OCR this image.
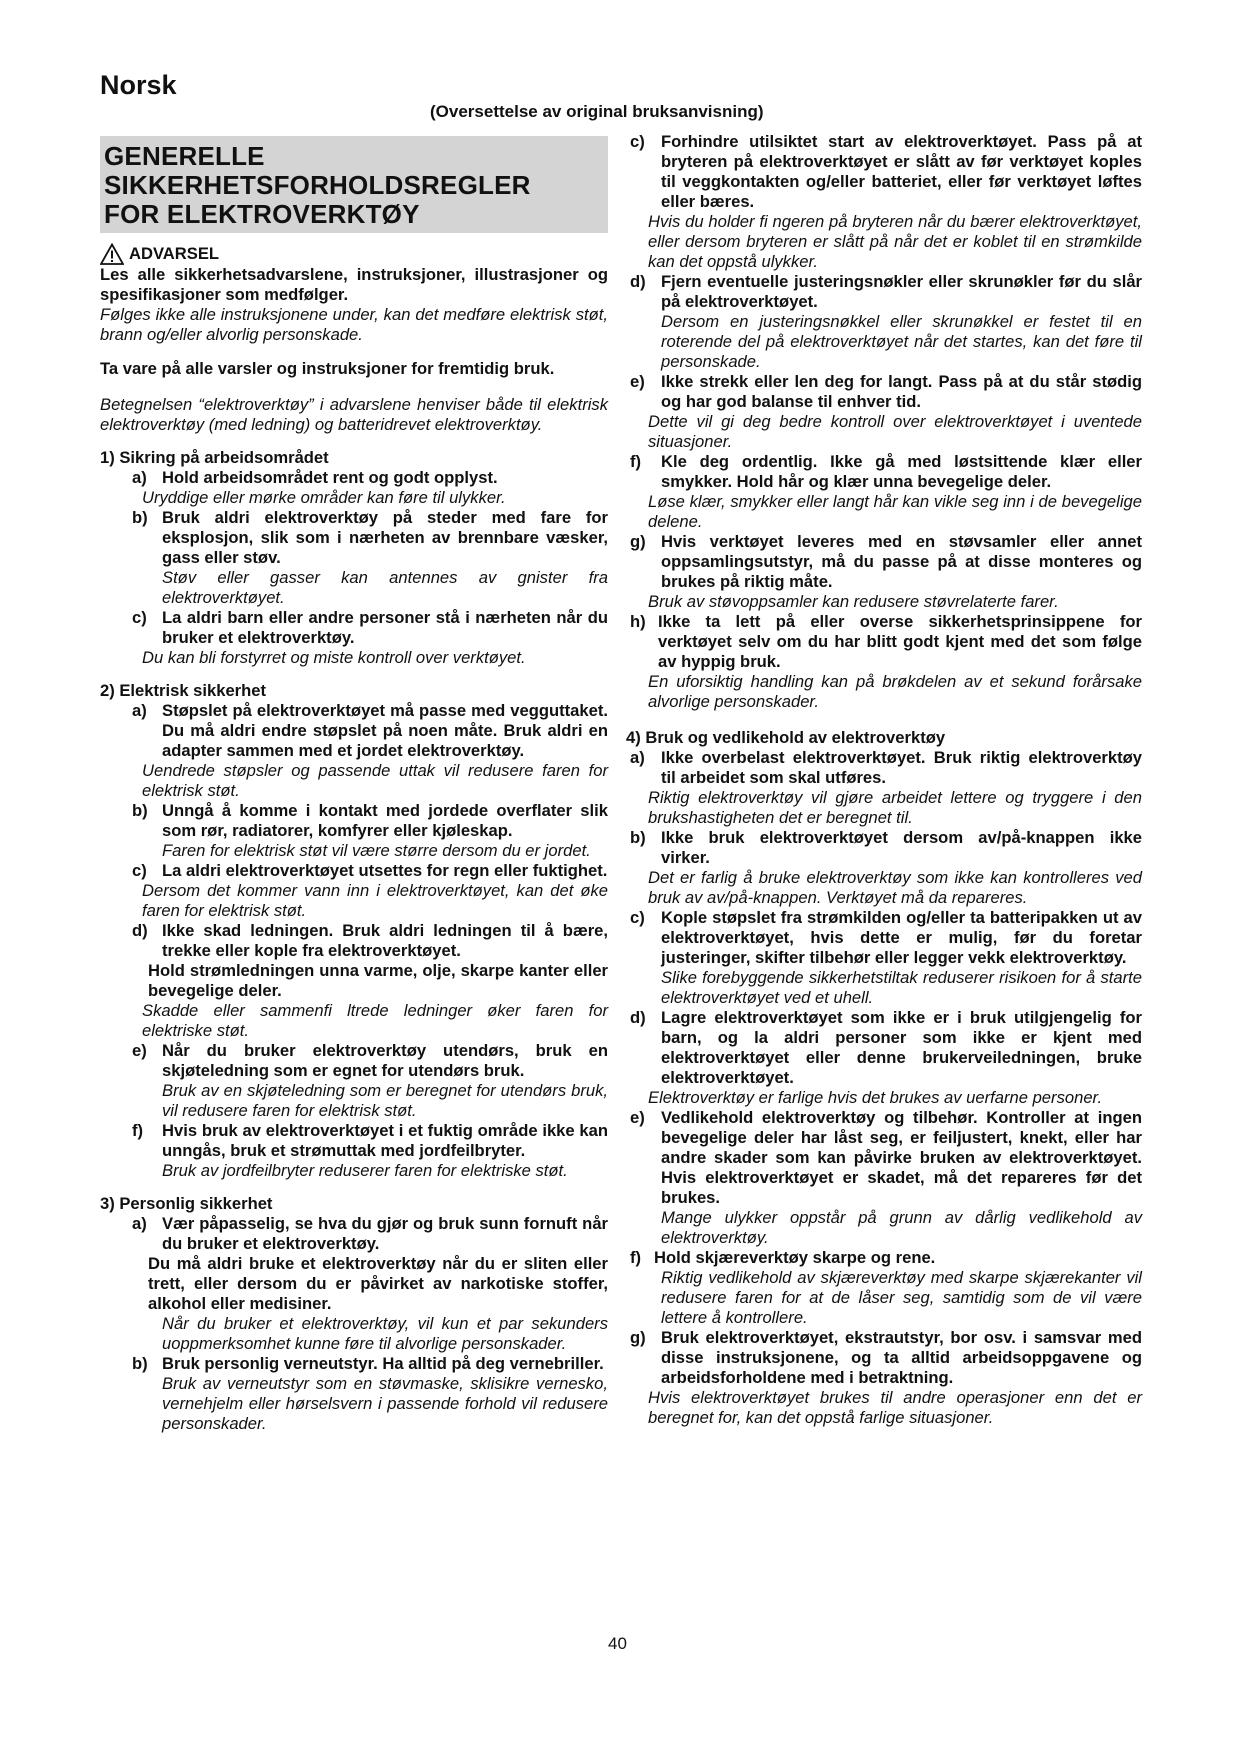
Norsk
(Oversettelse av original bruksanvisning)
GENERELLE
SIKKERHETSFORHOLDSREGLER
FOR ELEKTROVERKTØY
ADVARSEL

Les alle sikkerhetsadvarslene, instruksjoner, illustrasjoner og spesifikasjoner som medfølger.

Følges ikke alle instruksjonene under, kan det medføre elektrisk støt, brann og/eller alvorlig personskade.

Ta vare på alle varsler og instruksjoner for fremtidig bruk.

Betegnelsen “elektroverktøy” i advarslene henviser både til elektrisk elektroverktøy (med ledning) og batteridrevet elektroverktøy.

1) Sikring på arbeidsområdet

a) Hold arbeidsområdet rent og godt opplyst.

Uryddige eller mørke områder kan føre til ulykker.

b) Bruk aldri elektroverktøy på steder med fare for eksplosjon, slik som i nærheten av brennbare væsker, gass eller støv.

Støv eller gasser kan antennes av gnister fra elektroverktøyet.

c) La aldri barn eller andre personer stå i nærheten når du bruker et elektroverktøy.

Du kan bli forstyrret og miste kontroll over verktøyet.

2) Elektrisk sikkerhet

a) Støpslet på elektroverktøyet må passe med vegguttaket. Du må aldri endre støpslet på noen måte. Bruk aldri en adapter sammen med et jordet elektroverktøy.

Uendrede støpsler og passende uttak vil redusere faren for elektrisk støt.

b) Unngå å komme i kontakt med jordede overflater slik som rør, radiatorer, komfyrer eller kjøleskap.

Faren for elektrisk støt vil være større dersom du er jordet.

c) La aldri elektroverktøyet utsettes for regn eller fuktighet.

Dersom det kommer vann inn i elektroverktøyet, kan det øke faren for elektrisk støt.

d) Ikke skad ledningen. Bruk aldri ledningen til å bære, trekke eller kople fra elektroverktøyet.

Hold strømledningen unna varme, olje, skarpe kanter eller bevegelige deler.

Skadde eller sammenfi ltrede ledninger øker faren for elektriske støt.

e) Når du bruker elektroverktøy utendørs, bruk en skjøteledning som er egnet for utendørs bruk.

Bruk av en skjøteledning som er beregnet for utendørs bruk, vil redusere faren for elektrisk støt.

f)	Hvis bruk av elektroverktøyet i et fuktig område ikke kan unngås, bruk et strømuttak med jordfeilbryter.

Bruk av jordfeilbryter reduserer faren for elektriske støt.

3) Personlig sikkerhet

a) Vær påpasselig, se hva du gjør og bruk sunn fornuft når du bruker et elektroverktøy.

Du må aldri bruke et elektroverktøy når du er sliten eller trett, eller dersom du er påvirket av narkotiske stoffer, alkohol eller medisiner.

Når du bruker et elektroverktøy, vil kun et par sekunders uoppmerksomhet kunne føre til alvorlige personskader.

b) Bruk personlig verneutstyr. Ha alltid på deg vernebriller.

Bruk av verneutstyr som en støvmaske, sklisikre vernesko, vernehjelm eller hørselsvern i passende forhold vil redusere personskader.

c) Forhindre utilsiktet start av elektroverktøyet. Pass på at bryteren på elektroverktøyet er slått av før verktøyet koples til veggkontakten og/eller batteriet, eller før verktøyet løftes eller bæres.

Hvis du holder fi ngeren på bryteren når du bærer elektroverktøyet, eller dersom bryteren er slått på når det er koblet til en strømkilde kan det oppstå ulykker.

d) Fjern eventuelle justeringsnøkler eller skrunøkler før du slår på elektroverktøyet.

Dersom en justeringsnøkkel eller skrunøkkel er festet til en roterende del på elektroverktøyet når det startes, kan det føre til personskade.

e) Ikke strekk eller len deg for langt. Pass på at du står stødig og har god balanse til enhver tid.

Dette vil gi deg bedre kontroll over elektroverktøyet i uventede situasjoner.

f)	Kle deg ordentlig. Ikke gå med løstsittende klær eller smykker. Hold hår og klær unna bevegelige deler.

Løse klær, smykker eller langt hår kan vikle seg inn i de bevegelige delene.

g) Hvis verktøyet leveres med en støvsamler eller annet oppsamlingsutstyr, må du passe på at disse monteres og brukes på riktig måte.

Bruk av støvoppsamler kan redusere støvrelaterte farer.

h) Ikke ta lett på eller overse sikkerhetsprinsippene for verktøyet selv om du har blitt godt kjent med det som følge av hyppig bruk.

En uforsiktig handling kan på brøkdelen av et sekund forårsake alvorlige personskader.

4) Bruk og vedlikehold av elektroverktøy

a) Ikke overbelast elektroverktøyet. Bruk riktig elektroverktøy til arbeidet som skal utføres.

Riktig elektroverktøy vil gjøre arbeidet lettere og tryggere i den brukshastigheten det er beregnet til.

b) Ikke bruk elektroverktøyet dersom av/på-knappen ikke virker.

Det er farlig å bruke elektroverktøy som ikke kan kontrolleres ved bruk av av/på-knappen. Verktøyet må da repareres.

c) Kople støpslet fra strømkilden og/eller ta batteripakken ut av elektroverktøyet, hvis dette er mulig, før du foretar justeringer, skifter tilbehør eller legger vekk elektroverktøy.

Slike forebyggende sikkerhetstiltak reduserer risikoen for å starte elektroverktøyet ved et uhell.

d) Lagre elektroverktøyet som ikke er i bruk utilgjengelig for barn, og la aldri personer som ikke er kjent med elektroverktøyet eller denne brukerveiledningen, bruke elektroverktøyet.

Elektroverktøy er farlige hvis det brukes av uerfarne personer.

e) Vedlikehold elektroverktøy og tilbehør. Kontroller at ingen bevegelige deler har låst seg, er feiljustert, knekt, eller har andre skader som kan påvirke bruken av elektroverktøyet. Hvis elektroverktøyet er skadet, må det repareres før det brukes.

Mange ulykker oppstår på grunn av dårlig vedlikehold av elektroverktøy.

f) Hold skjæreverktøy skarpe og rene.

Riktig vedlikehold av skjæreverktøy med skarpe skjærekanter vil redusere faren for at de låser seg, samtidig som de vil være lettere å kontrollere.

g) Bruk elektroverktøyet, ekstrautstyr, bor osv. i samsvar med disse instruksjonene, og ta alltid arbeidsoppgavene og arbeidsforholdene med i betraktning.

Hvis elektroverktøyet brukes til andre operasjoner enn det er beregnet for, kan det oppstå farlige situasjoner.

40
